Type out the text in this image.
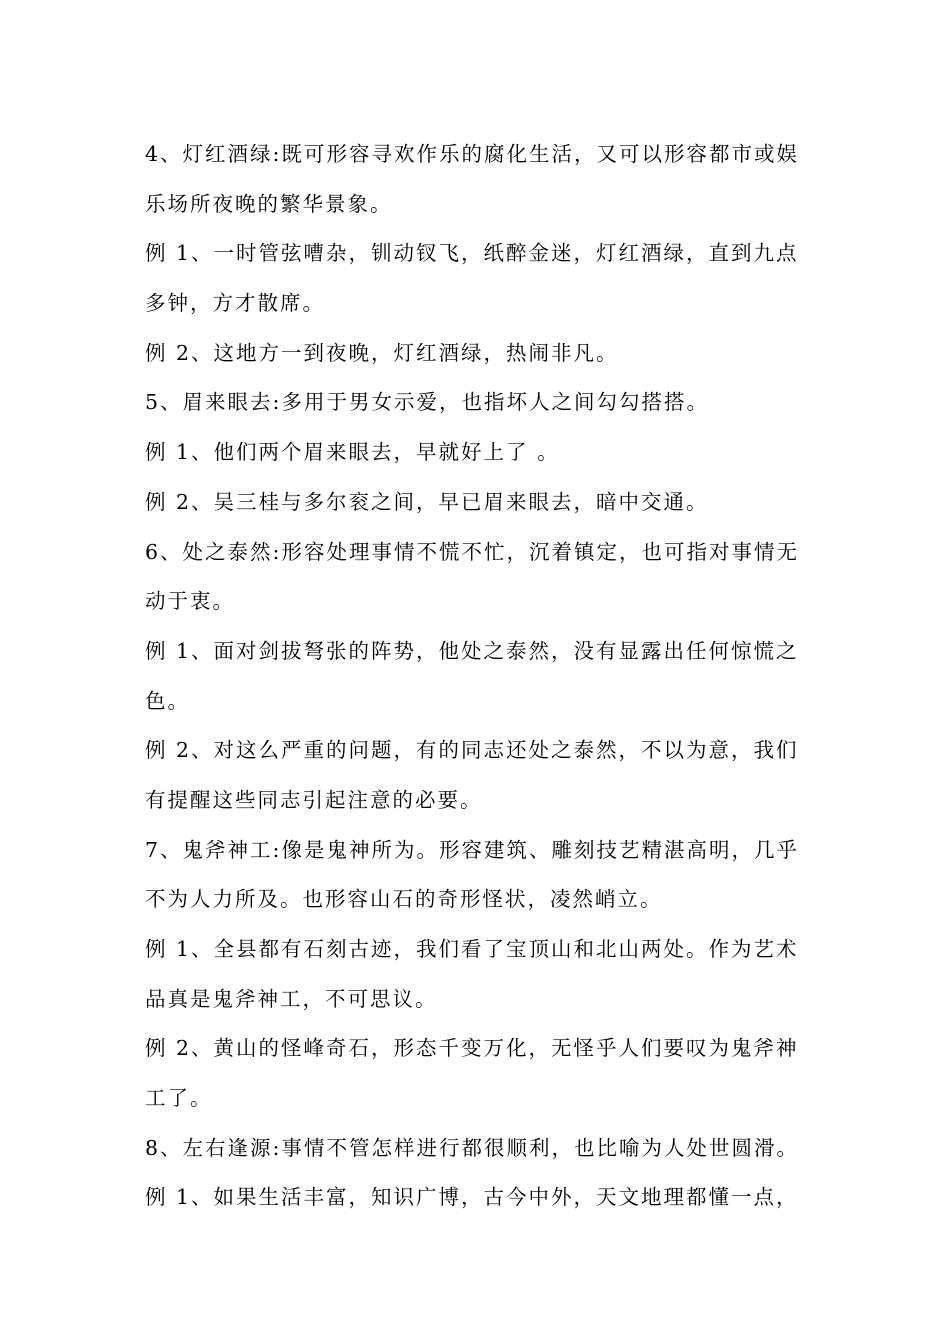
4、灯红酒绿:既可形容寻欢作乐的腐化生活，又可以形容都市或娱
乐场所夜晚的繁华景象。
例 1、一时管弦嘈杂，钏动钗飞，纸醉金迷，灯红酒绿，直到九点
多钟，方才散席。
例 2、这地方一到夜晚，灯红酒绿，热闹非凡。
5、眉来眼去:多用于男女示爱，也指坏人之间勾勾搭搭。
例 1、他们两个眉来眼去，早就好上了 。
例 2、吴三桂与多尔衮之间，早已眉来眼去，暗中交通。
6、处之泰然:形容处理事情不慌不忙，沉着镇定，也可指对事情无
动于衷。
例 1、面对剑拔弩张的阵势，他处之泰然，没有显露出任何惊慌之
色。
例 2、对这么严重的问题，有的同志还处之泰然，不以为意，我们
有提醒这些同志引起注意的必要。
7、鬼斧神工:像是鬼神所为。形容建筑、雕刻技艺精湛高明，几乎
不为人力所及。也形容山石的奇形怪状，凌然峭立。
例 1、全县都有石刻古迹，我们看了宝顶山和北山两处。作为艺术
品真是鬼斧神工，不可思议。
例 2、黄山的怪峰奇石，形态千变万化，无怪乎人们要叹为鬼斧神
工了。
8、左右逢源:事情不管怎样进行都很顺利，也比喻为人处世圆滑。
例 1、如果生活丰富，知识广博，古今中外，天文地理都懂一点，
